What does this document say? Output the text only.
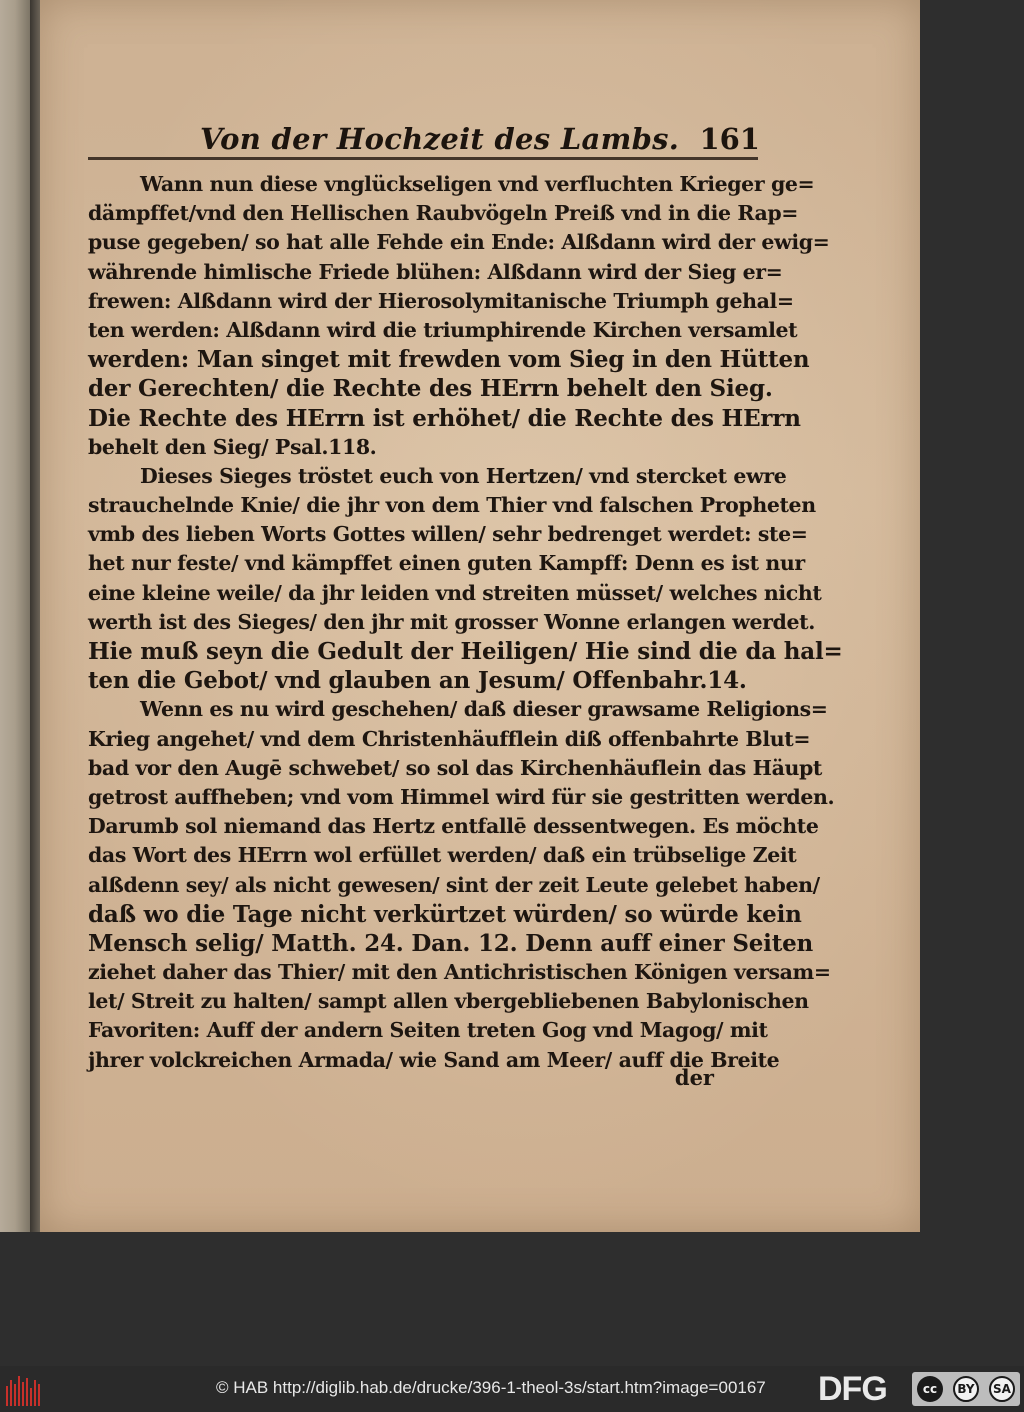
Von der Hochzeit des Lambs. 161
Wann nun diese vnglückseligen vnd verfluchten Krieger ge=
dämpffet/vnd den Hellischen Raubvögeln Preiß vnd in die Rap=
puse gegeben/ so hat alle Fehde ein Ende: Alßdann wird der ewig=
währende himlische Friede blühen: Alßdann wird der Sieg er=
frewen: Alßdann wird der Hierosolymitanische Triumph gehal=
ten werden: Alßdann wird die triumphirende Kirchen versamlet
werden: Man singet mit frewden vom Sieg in den Hütten
der Gerechten/ die Rechte des HErrn behelt den Sieg.
Die Rechte des HErrn ist erhöhet/ die Rechte des HErrn
behelt den Sieg/ Psal.118.
Dieses Sieges tröstet euch von Hertzen/ vnd stercket ewre
strauchelnde Knie/ die jhr von dem Thier vnd falschen Propheten
vmb des lieben Worts Gottes willen/ sehr bedrenget werdet: ste=
het nur feste/ vnd kämpffet einen guten Kampff: Denn es ist nur
eine kleine weile/ da jhr leiden vnd streiten müsset/ welches nicht
werth ist des Sieges/ den jhr mit grosser Wonne erlangen werdet.
Hie muß seyn die Gedult der Heiligen/ Hie sind die da hal=
ten die Gebot/ vnd glauben an Jesum/ Offenbahr.14.
Wenn es nu wird geschehen/ daß dieser grawsame Religions=
Krieg angehet/ vnd dem Christenhäufflein diß offenbahrte Blut=
bad vor den Augē schwebet/ so sol das Kirchenhäuflein das Häupt
getrost auffheben; vnd vom Himmel wird für sie gestritten werden.
Darumb sol niemand das Hertz entfallē dessentwegen. Es möchte
das Wort des HErrn wol erfüllet werden/ daß ein trübselige Zeit
alßdenn sey/ als nicht gewesen/ sint der zeit Leute gelebet haben/
daß wo die Tage nicht verkürtzet würden/ so würde kein
Mensch selig/ Matth. 24. Dan. 12. Denn auff einer Seiten
ziehet daher das Thier/ mit den Antichristischen Königen versam=
let/ Streit zu halten/ sampt allen vbergebliebenen Babylonischen
Favoriten: Auff der andern Seiten treten Gog vnd Magog/ mit
jhrer volckreichen Armada/ wie Sand am Meer/ auff die Breite
der
© HAB http://diglib.hab.de/drucke/396-1-theol-3s/start.htm?image=00167 DFG	cc	BY	SA
